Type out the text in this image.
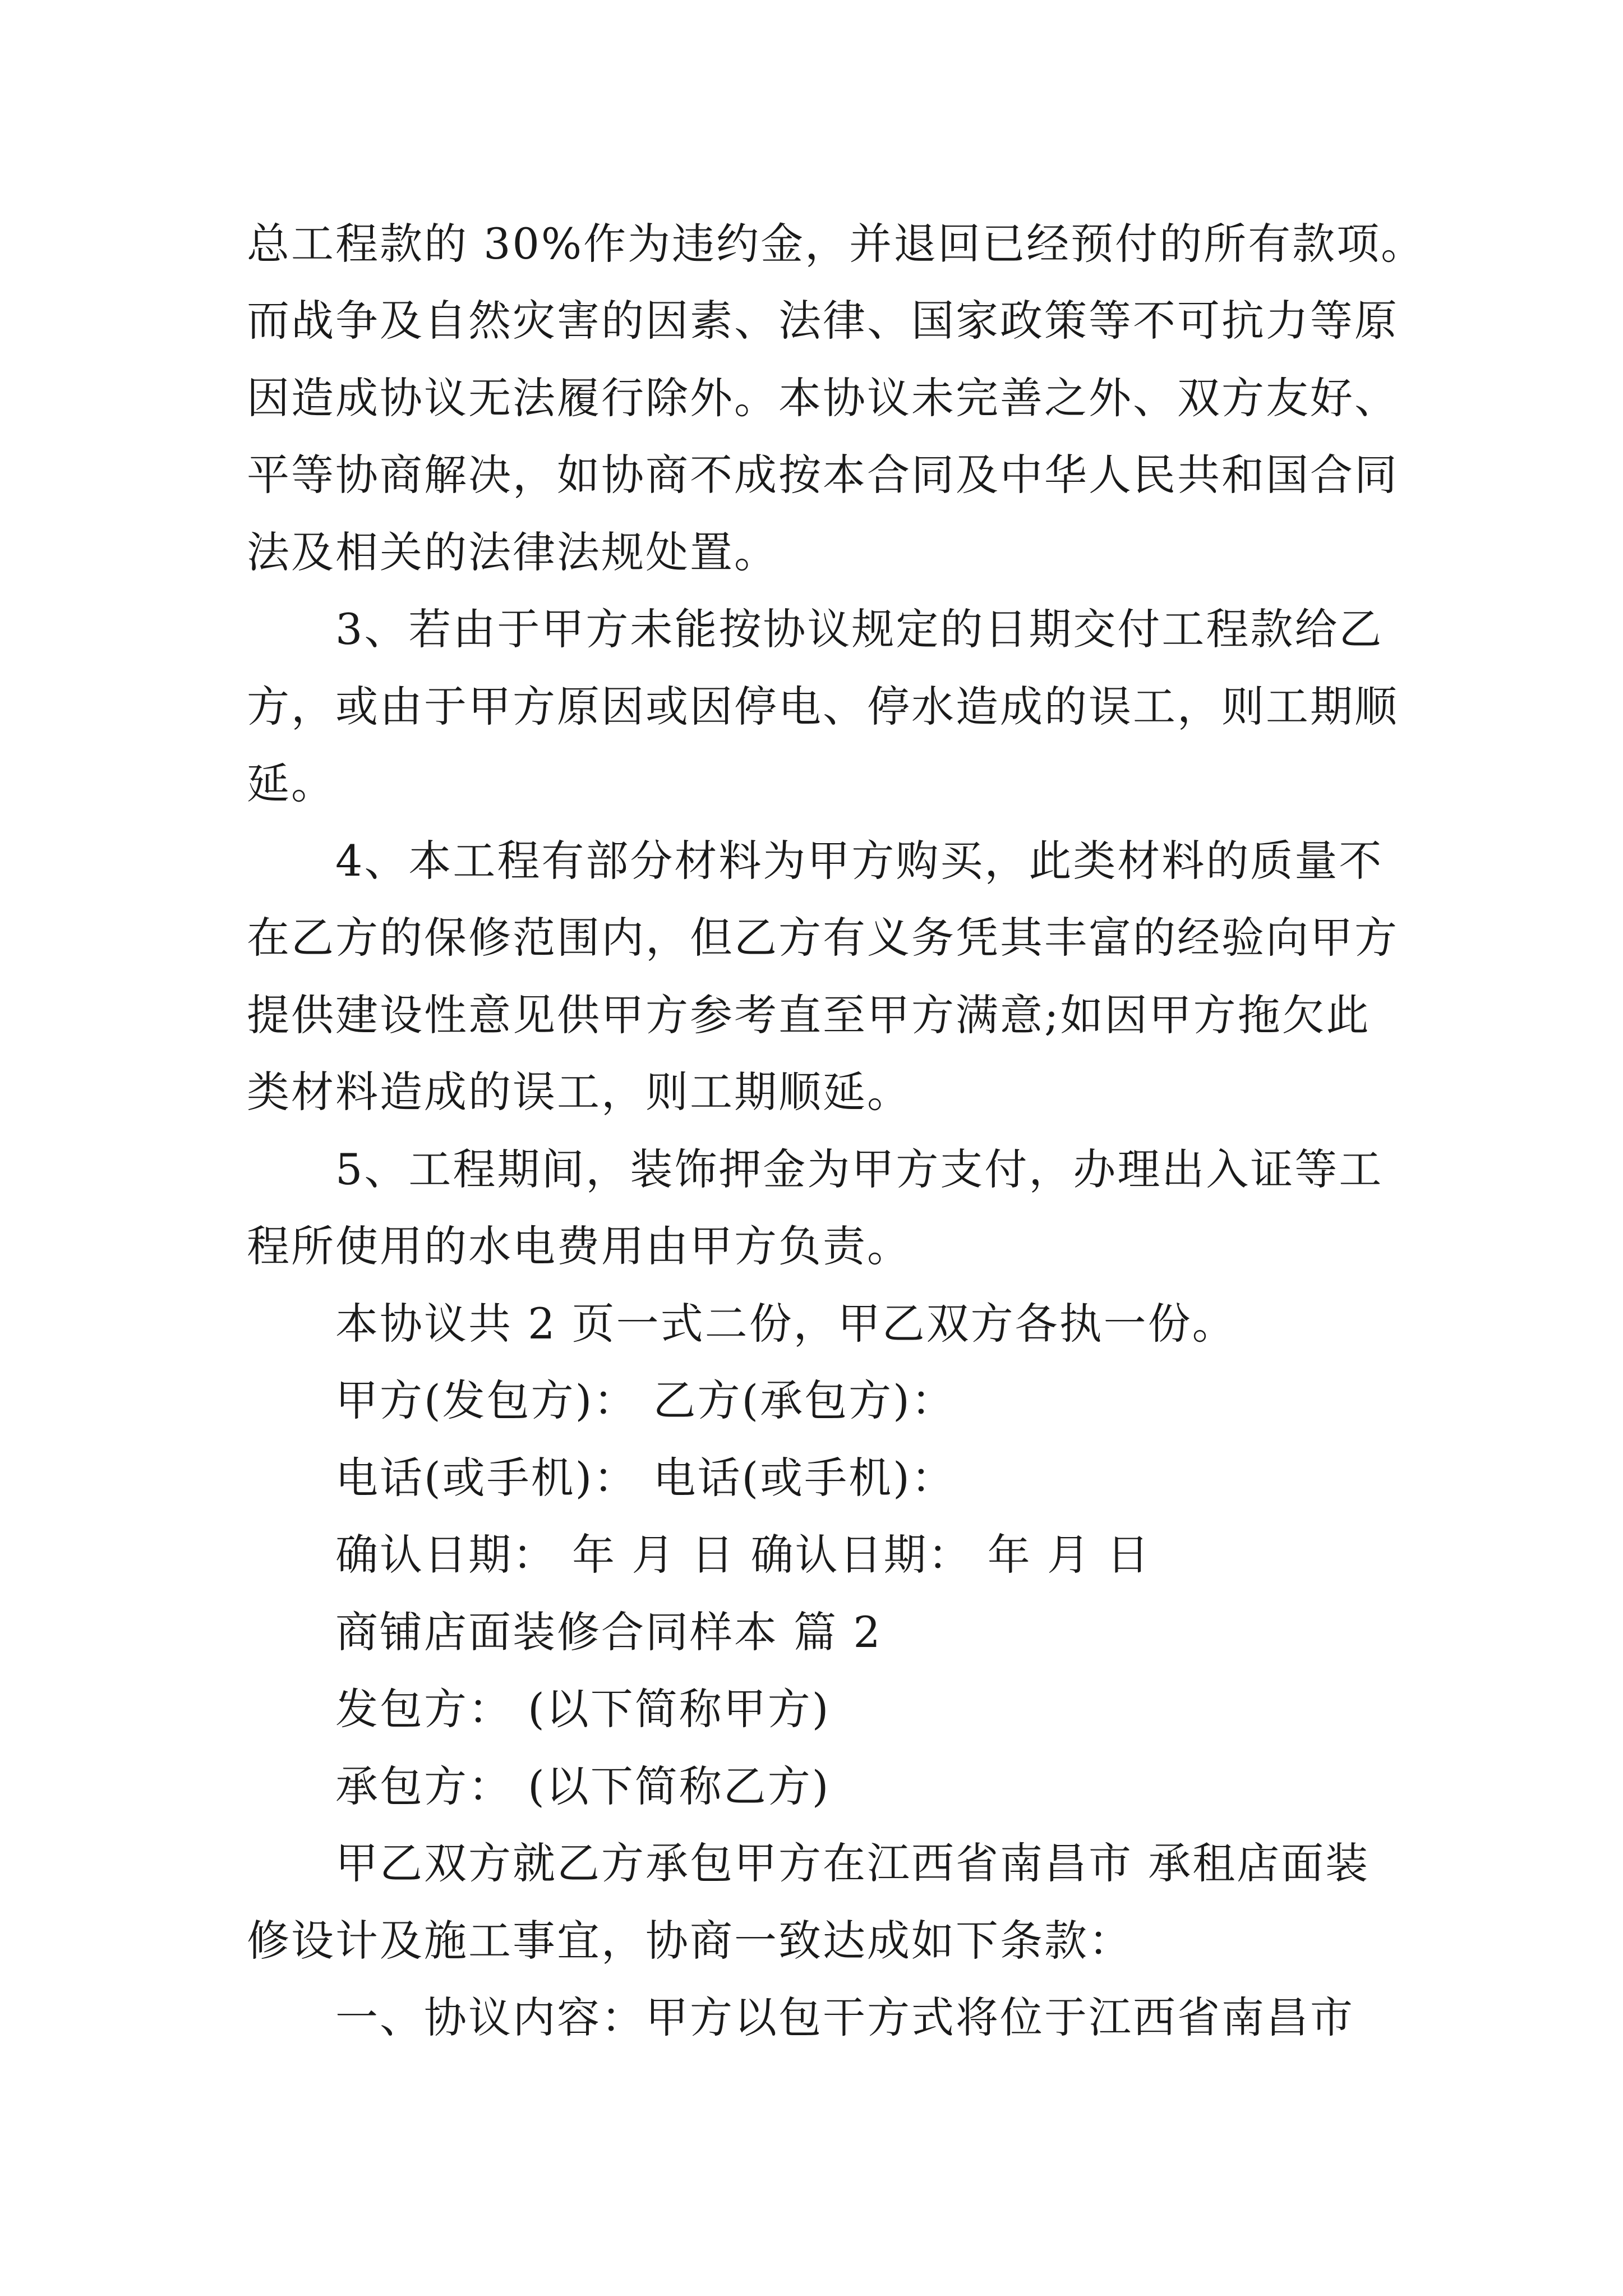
总工程款的 30%作为违约金，并退回已经预付的所有款项。
而战争及自然灾害的因素、法律、国家政策等不可抗力等原
因造成协议无法履行除外。本协议未完善之外、双方友好、
平等协商解决，如协商不成按本合同及中华人民共和国合同
法及相关的法律法规处置。
3、若由于甲方未能按协议规定的日期交付工程款给乙
方，或由于甲方原因或因停电、停水造成的误工，则工期顺
延。
4、本工程有部分材料为甲方购买，此类材料的质量不
在乙方的保修范围内，但乙方有义务凭其丰富的经验向甲方
提供建设性意见供甲方参考直至甲方满意;如因甲方拖欠此
类材料造成的误工，则工期顺延。
5、工程期间，装饰押金为甲方支付，办理出入证等工
程所使用的水电费用由甲方负责。
本协议共 2 页一式二份，甲乙双方各执一份。
甲方(发包方)： 乙方(承包方)：
电话(或手机)： 电话(或手机)：
确认日期： 年 月 日 确认日期： 年 月 日
商铺店面装修合同样本 篇 2
发包方： (以下简称甲方)
承包方： (以下简称乙方)
甲乙双方就乙方承包甲方在江西省南昌市 承租店面装
修设计及施工事宜，协商一致达成如下条款：
一、协议内容：甲方以包干方式将位于江西省南昌市
